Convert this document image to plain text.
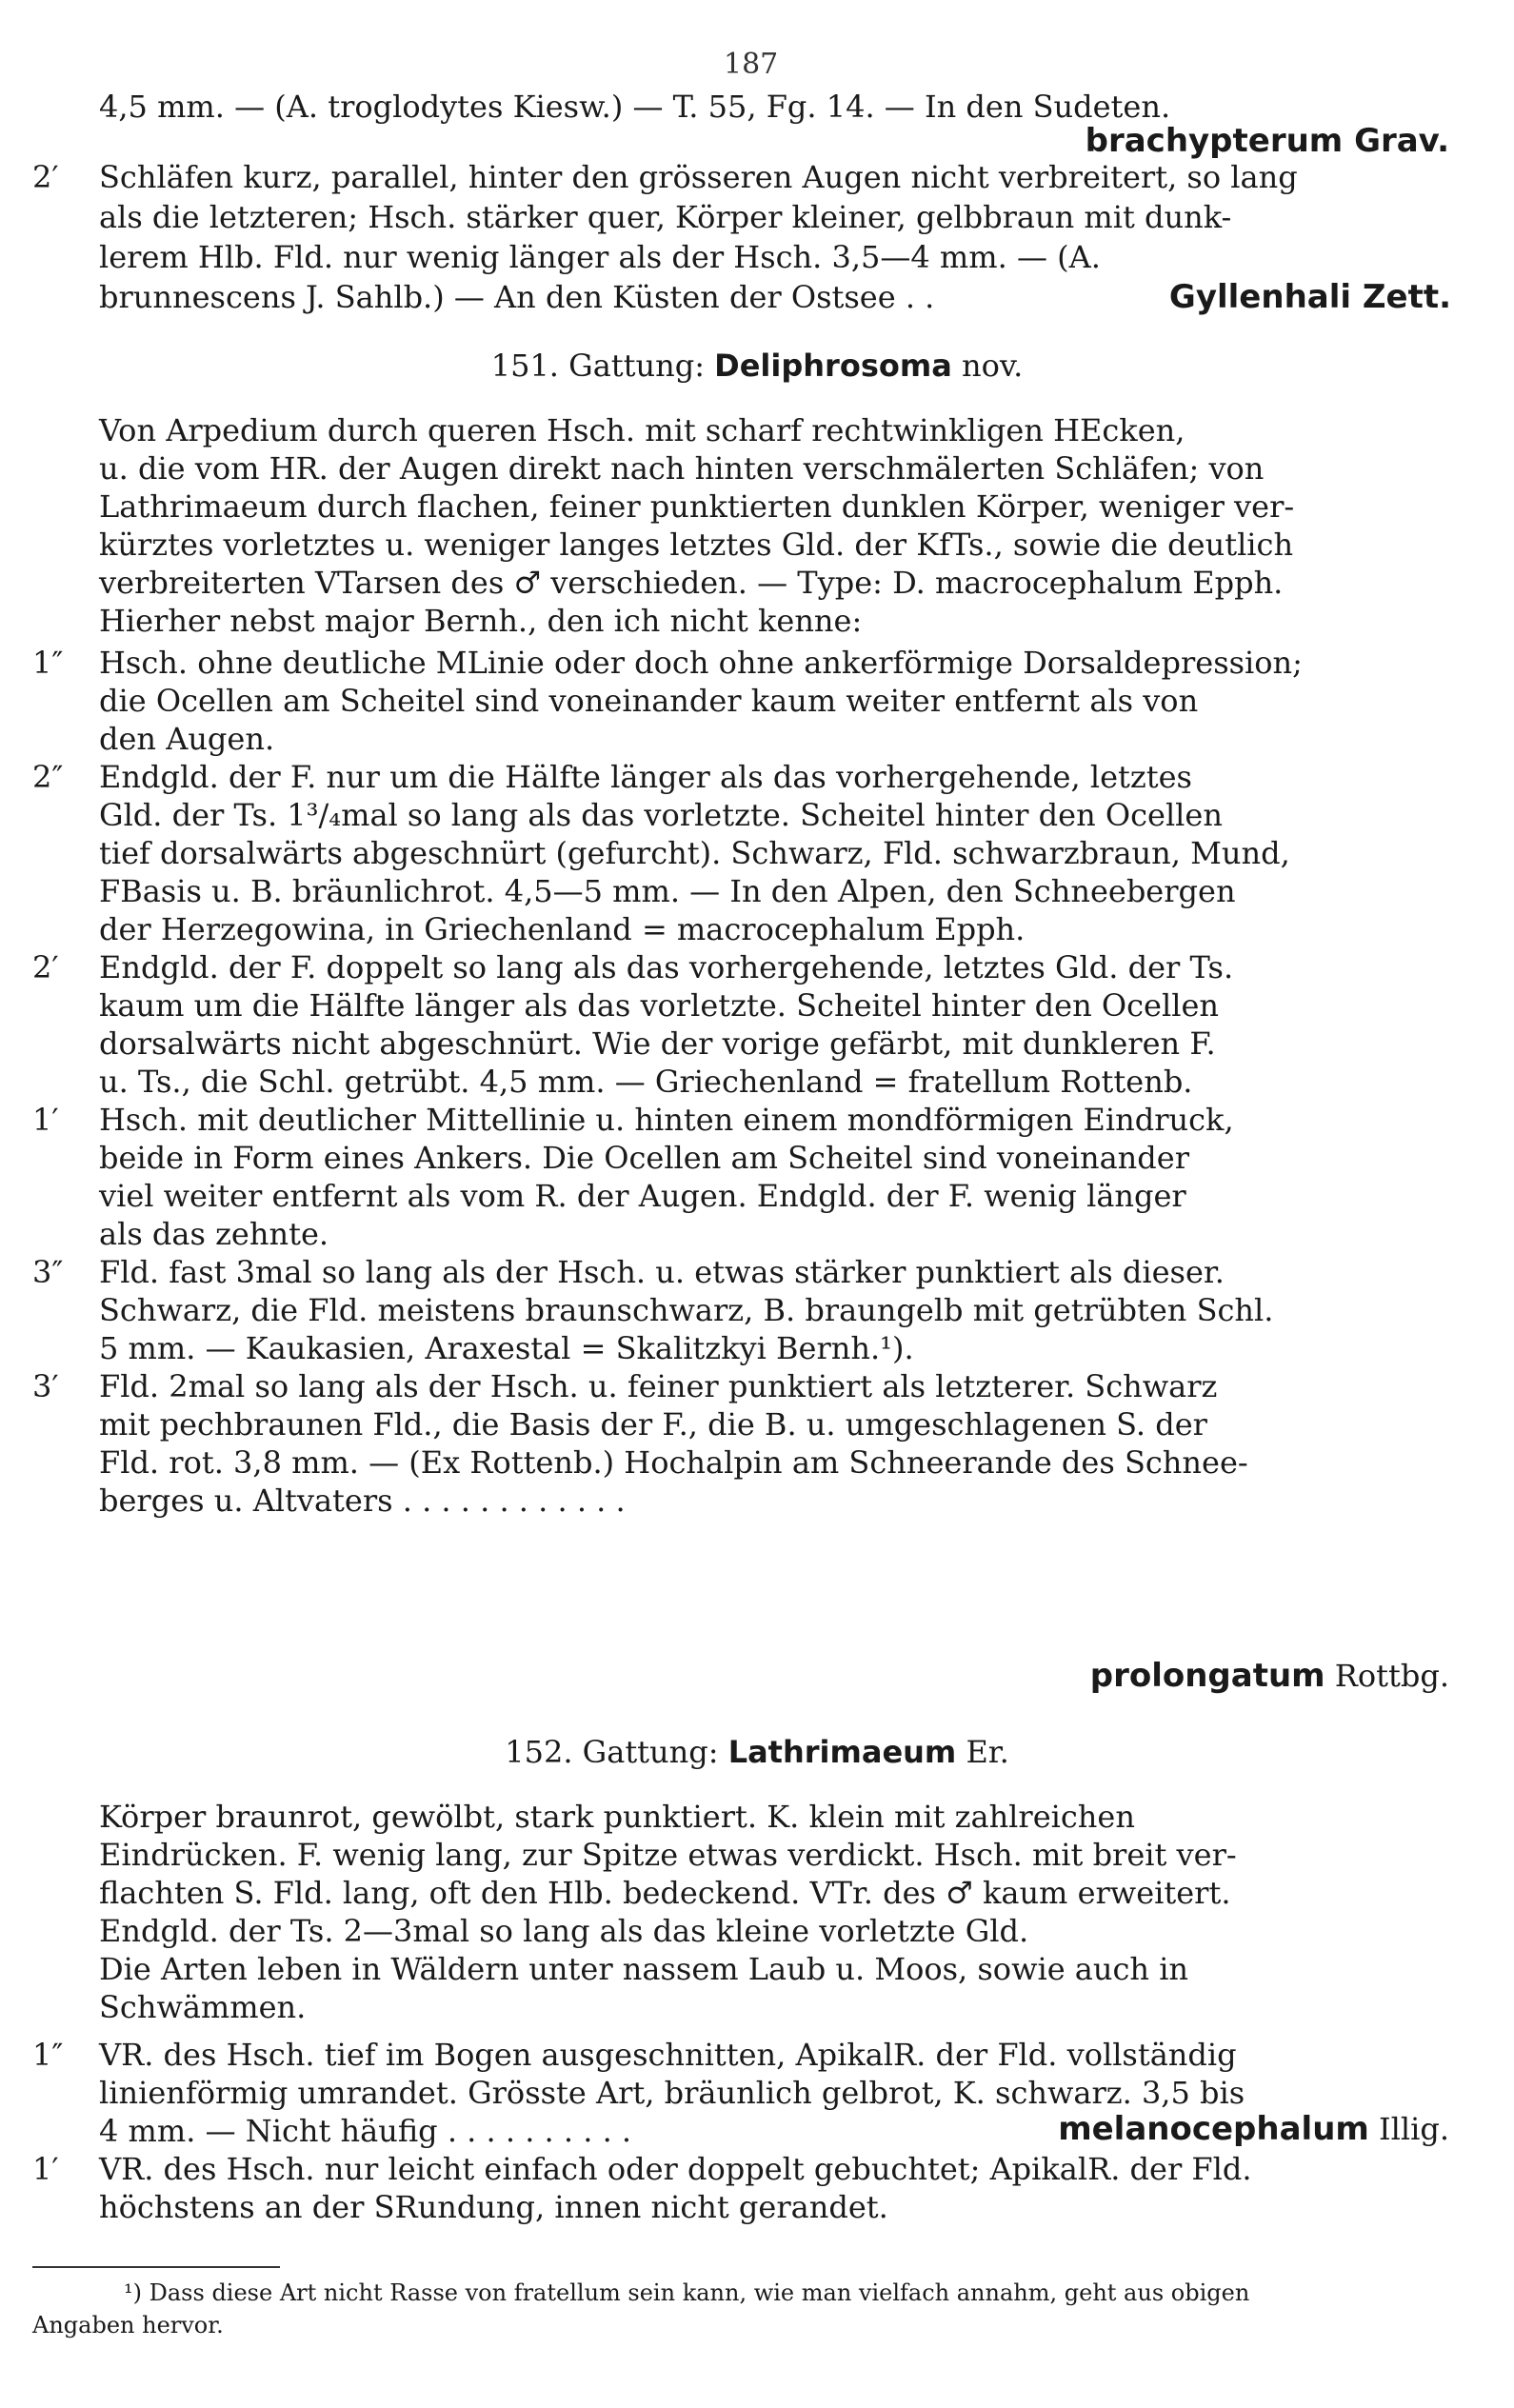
187
4,5 mm. — (A. troglodytes Kiesw.) — T. 55, Fg. 14. — In den Sudeten.
brachypterum Grav.
2′	Schläfen kurz, parallel, hinter den grösseren Augen nicht verbreitert, so lang
als die letzteren; Hsch. stärker quer, Körper kleiner, gelbbraun mit dunk-
lerem Hlb. Fld. nur wenig länger als der Hsch. 3,5—4 mm. — (A.
brunnescens J. Sahlb.) — An den Küsten der Ostsee . .	Gyllenhali Zett.
151. Gattung: Deliphrosoma nov.
Von Arpedium durch queren Hsch. mit scharf rechtwinkligen HEcken,
u. die vom HR. der Augen direkt nach hinten verschmälerten Schläfen; von
Lathrimaeum durch flachen, feiner punktierten dunklen Körper, weniger ver-
kürztes vorletztes u. weniger langes letztes Gld. der KfTs., sowie die deutlich
verbreiterten VTarsen des ♂ verschieden. — Type: D. macrocephalum Epph.
Hierher nebst major Bernh., den ich nicht kenne:
1″	Hsch. ohne deutliche MLinie oder doch ohne ankerförmige Dorsaldepression;
die Ocellen am Scheitel sind voneinander kaum weiter entfernt als von
den Augen.
2″	Endgld. der F. nur um die Hälfte länger als das vorhergehende, letztes
Gld. der Ts. 1³/₄mal so lang als das vorletzte. Scheitel hinter den Ocellen
tief dorsalwärts abgeschnürt (gefurcht). Schwarz, Fld. schwarzbraun, Mund,
FBasis u. B. bräunlichrot. 4,5—5 mm. — In den Alpen, den Schneebergen
der Herzegowina, in Griechenland = macrocephalum Epph.
2′	Endgld. der F. doppelt so lang als das vorhergehende, letztes Gld. der Ts.
kaum um die Hälfte länger als das vorletzte. Scheitel hinter den Ocellen
dorsalwärts nicht abgeschnürt. Wie der vorige gefärbt, mit dunkleren F.
u. Ts., die Schl. getrübt. 4,5 mm. — Griechenland = fratellum Rottenb.
1′	Hsch. mit deutlicher Mittellinie u. hinten einem mondförmigen Eindruck,
beide in Form eines Ankers. Die Ocellen am Scheitel sind voneinander
viel weiter entfernt als vom R. der Augen. Endgld. der F. wenig länger
als das zehnte.
3″	Fld. fast 3mal so lang als der Hsch. u. etwas stärker punktiert als dieser.
Schwarz, die Fld. meistens braunschwarz, B. braungelb mit getrübten Schl.
5 mm. — Kaukasien, Araxestal = Skalitzkyi Bernh.¹).
3′	Fld. 2mal so lang als der Hsch. u. feiner punktiert als letzterer. Schwarz
mit pechbraunen Fld., die Basis der F., die B. u. umgeschlagenen S. der
Fld. rot. 3,8 mm. — (Ex Rottenb.) Hochalpin am Schneerande des Schnee-
berges u. Altvaters . . . . . . . . . . . .
prolongatum Rottbg.
152. Gattung: Lathrimaeum Er.
Körper braunrot, gewölbt, stark punktiert. K. klein mit zahlreichen
Eindrücken. F. wenig lang, zur Spitze etwas verdickt. Hsch. mit breit ver-
flachten S. Fld. lang, oft den Hlb. bedeckend. VTr. des ♂ kaum erweitert.
Endgld. der Ts. 2—3mal so lang als das kleine vorletzte Gld.
Die Arten leben in Wäldern unter nassem Laub u. Moos, sowie auch in
Schwämmen.
1″	VR. des Hsch. tief im Bogen ausgeschnitten, ApikalR. der Fld. vollständig
linienförmig umrandet. Grösste Art, bräunlich gelbrot, K. schwarz. 3,5 bis
4 mm. — Nicht häufig . . . . . . . . . .
1′	VR. des Hsch. nur leicht einfach oder doppelt gebuchtet; ApikalR. der Fld.
höchstens an der SRundung, innen nicht gerandet.
melanocephalum Illig.
¹) Dass diese Art nicht Rasse von fratellum sein kann, wie man vielfach annahm, geht aus obigen
Angaben hervor.
